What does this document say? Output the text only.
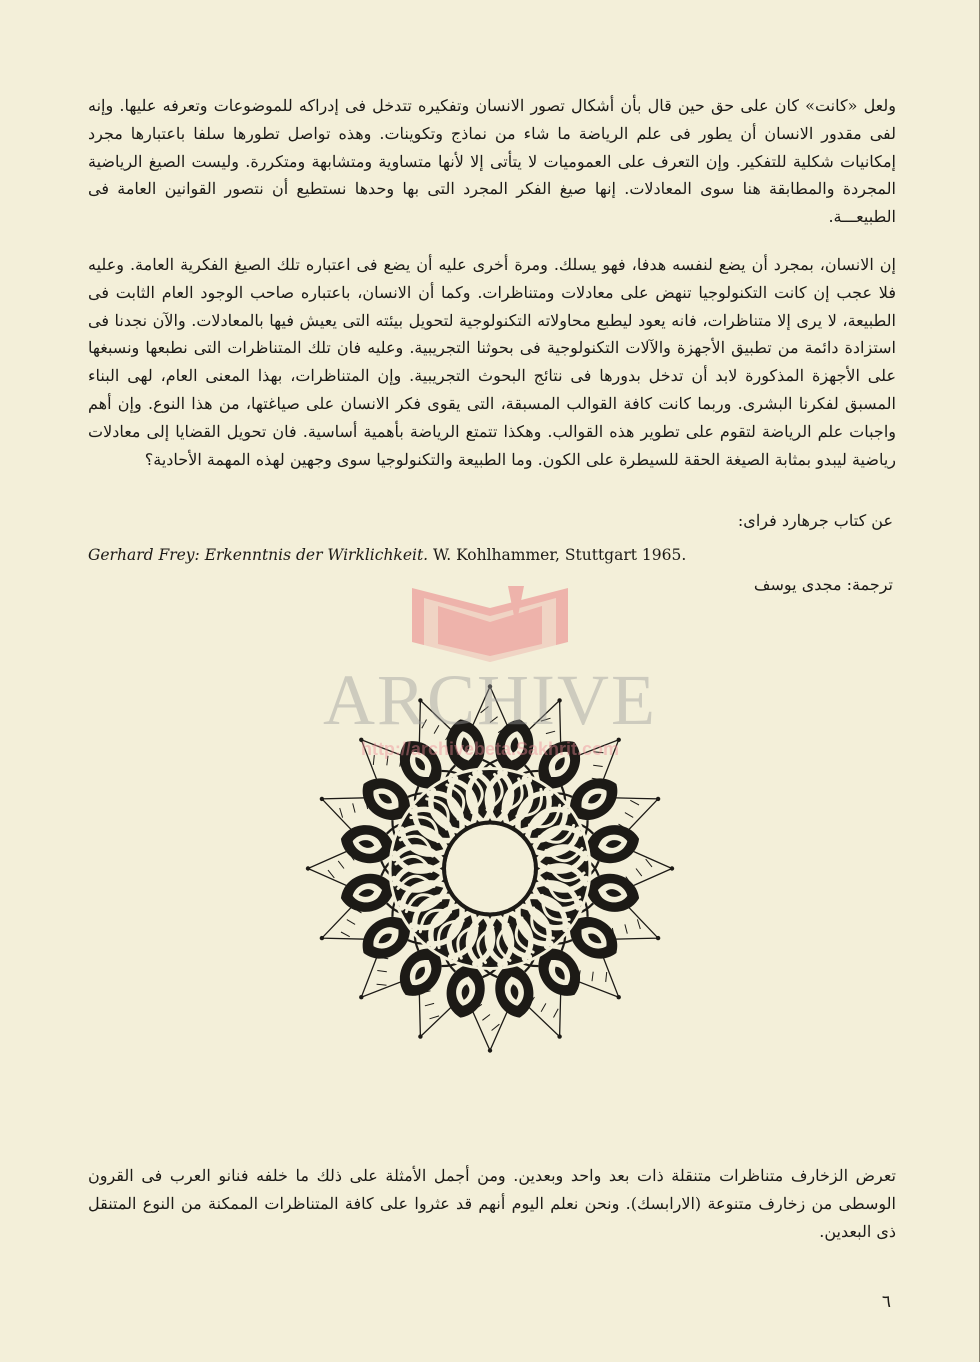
ولعل «كانت» كان على حق حين قال بأن أشكال تصور الانسان وتفكيره تتدخل فى إدراكه للموضوعات وتعرفه عليها. وإنه لفى مقدور الانسان أن يطور فى علم الرياضة ما شاء من نماذج وتكوينات. وهذه تواصل تطورها سلفا باعتبارها مجرد إمكانيات شكلية للتفكير. وإن التعرف على العموميات لا يتأتى إلا لأنها متساوية ومتشابهة ومتكررة. وليست الصيغ الرياضية المجردة والمطابقة هنا سوى المعادلات. إنها صيغ الفكر المجرد التى بها وحدها نستطيع أن نتصور القوانين العامة فى الطبيعـــة.

إن الانسان، بمجرد أن يضع لنفسه هدفا، فهو يسلك. ومرة أخرى عليه أن يضع فى اعتباره تلك الصيغ الفكرية العامة. وعليه فلا عجب إن كانت التكنولوجيا تنهض على معادلات ومتناظرات. وكما أن الانسان، باعتباره صاحب الوجود العام الثابت فى الطبيعة، لا يرى إلا متناظرات، فانه يعود ليطبع محاولاته التكنولوجية لتحويل بيئته التى يعيش فيها بالمعادلات. والآن نجدنا فى استزادة دائمة من تطبيق الأجهزة والآلات التكنولوجية فى بحوثنا التجريبية. وعليه فان تلك المتناظرات التى نطبعها ونسبغها على الأجهزة المذكورة لابد أن تدخل بدورها فى نتائج البحوث التجريبية. وإن المتناظرات، بهذا المعنى العام، لهى البناء المسبق لفكرنا البشرى. وربما كانت كافة القوالب المسبقة، التى يقوى فكر الانسان على صياغتها، من هذا النوع. وإن أهم واجبات علم الرياضة لتقوم على تطوير هذه القوالب. وهكذا تتمتع الرياضة بأهمية أساسية. فان تحويل القضايا إلى معادلات رياضية ليبدو بمثابة الصيغة الحقة للسيطرة على الكون. وما الطبيعة والتكنولوجيا سوى وجهين لهذه المهمة الأحادية؟

عن كتاب جرهارد فراى:
Gerhard Frey: Erkenntnis der Wirklichkeit. W. Kohlhammer, Stuttgart 1965.
ترجمة: مجدى يوسف
ARCHIVE
http://archivebeta.Sakhrit.com

تعرض الزخارف متناظرات متنقلة ذات بعد واحد وبعدين. ومن أجمل الأمثلة على ذلك ما خلفه فنانو العرب فى القرون الوسطى من زخارف متنوعة (الارابسك). ونحن نعلم اليوم أنهم قد عثروا على كافة المتناظرات الممكنة من النوع المتنقل ذى البعدين.

٦
